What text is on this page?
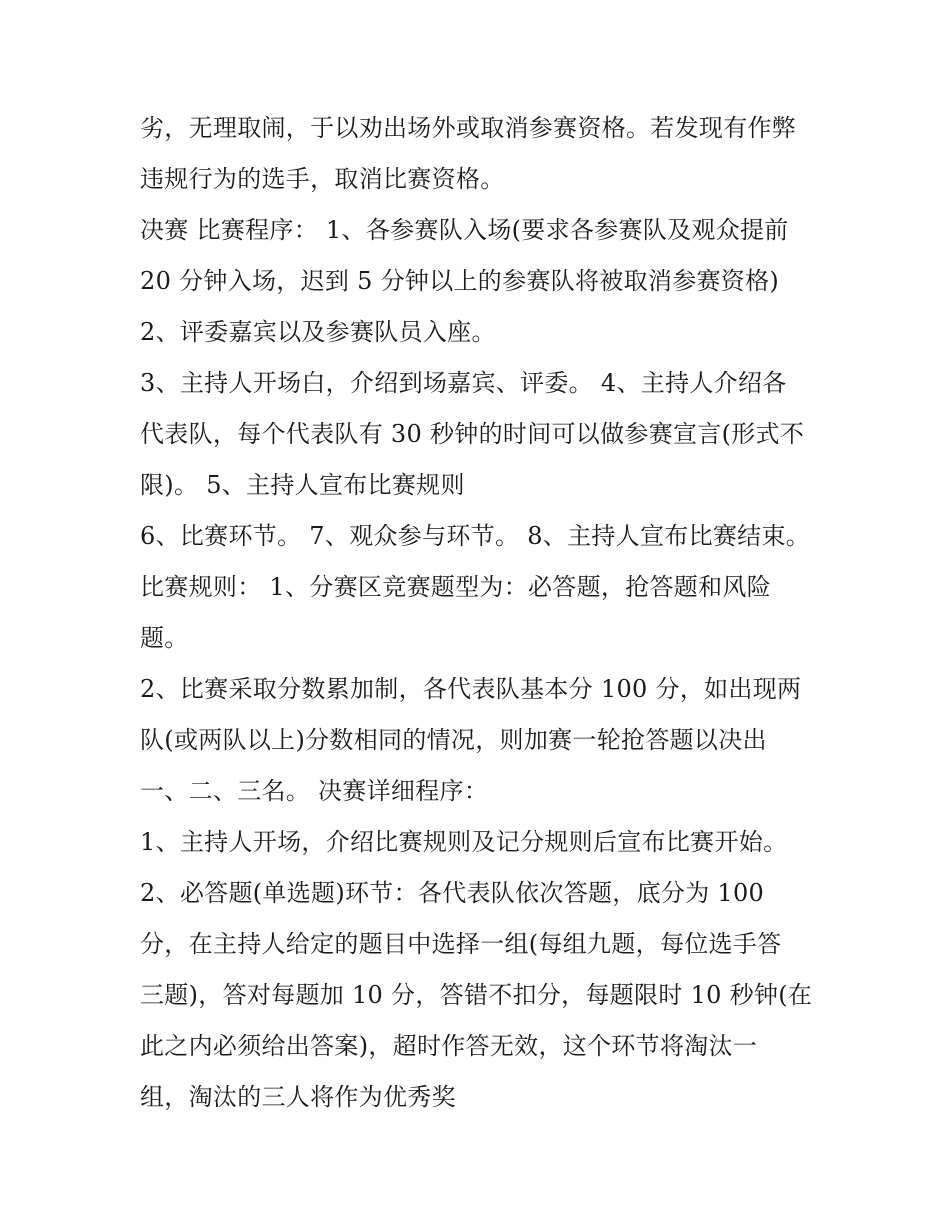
劣，无理取闹，于以劝出场外或取消参赛资格。若发现有作弊
违规行为的选手，取消比赛资格。
决赛 比赛程序： 1、各参赛队入场(要求各参赛队及观众提前
20 分钟入场，迟到 5 分钟以上的参赛队将被取消参赛资格)
2、评委嘉宾以及参赛队员入座。
3、主持人开场白，介绍到场嘉宾、评委。 4、主持人介绍各
代表队，每个代表队有 30 秒钟的时间可以做参赛宣言(形式不
限)。 5、主持人宣布比赛规则
6、比赛环节。 7、观众参与环节。 8、主持人宣布比赛结束。
比赛规则： 1、分赛区竞赛题型为：必答题，抢答题和风险
题。
2、比赛采取分数累加制，各代表队基本分 100 分，如出现两
队(或两队以上)分数相同的情况，则加赛一轮抢答题以决出
一、二、三名。 决赛详细程序：
1、主持人开场，介绍比赛规则及记分规则后宣布比赛开始。
2、必答题(单选题)环节：各代表队依次答题，底分为 100
分，在主持人给定的题目中选择一组(每组九题，每位选手答
三题)，答对每题加 10 分，答错不扣分，每题限时 10 秒钟(在
此之内必须给出答案)，超时作答无效，这个环节将淘汰一
组，淘汰的三人将作为优秀奖
